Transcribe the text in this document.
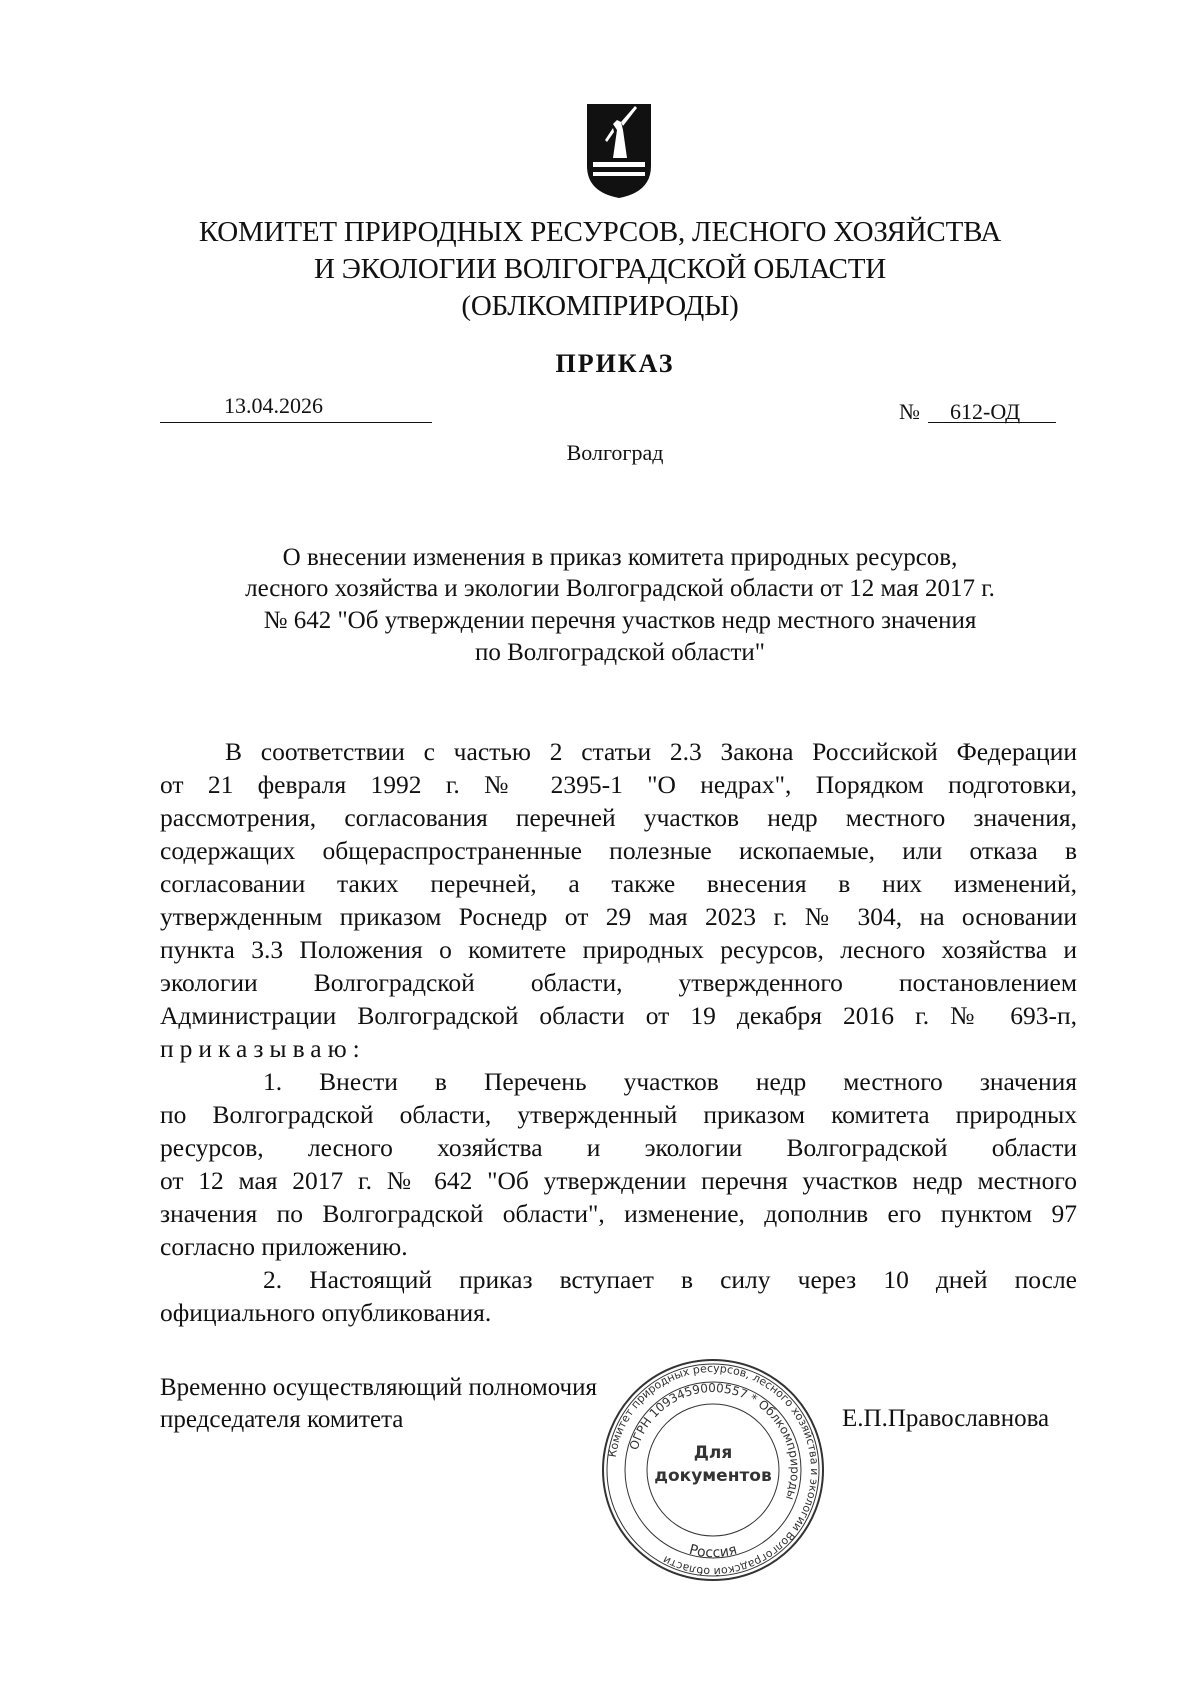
КОМИТЕТ ПРИРОДНЫХ РЕСУРСОВ, ЛЕСНОГО ХОЗЯЙСТВА
И ЭКОЛОГИИ ВОЛГОГРАДСКОЙ ОБЛАСТИ
(ОБЛКОМПРИРОДЫ)
ПРИКАЗ
13.04.2026	№ 612-ОД
Волгоград
О внесении изменения в приказ комитета природных ресурсов,
лесного хозяйства и экологии Волгоградской области от 12 мая 2017 г.
№ 642 "Об утверждении перечня участков недр местного значения
по Волгоградской области"
В соответствии с частью 2 статьи 2.3 Закона Российской Федерации
от 21 февраля 1992 г. № 2395-1 "О недрах", Порядком подготовки,
рассмотрения, согласования перечней участков недр местного значения,
содержащих общераспространенные полезные ископаемые, или отказа в
согласовании таких перечней, а также внесения в них изменений,
утвержденным приказом Роснедр от 29 мая 2023 г. № 304, на основании
пункта 3.3 Положения о комитете природных ресурсов, лесного хозяйства и
экологии Волгоградской области, утвержденного постановлением
Администрации Волгоградской области от 19 декабря 2016 г. № 693-п,
приказываю:
1. Внести в Перечень участков недр местного значения
по Волгоградской области, утвержденный приказом комитета природных
ресурсов, лесного хозяйства и экологии Волгоградской области
от 12 мая 2017 г. № 642 "Об утверждении перечня участков недр местного
значения по Волгоградской области", изменение, дополнив его пунктом 97
согласно приложению.
2. Настоящий приказ вступает в силу через 10 дней после
официального опубликования.
Временно осуществляющий полномочия
председателя комитета	Е.П.Православнова
Комитет природных ресурсов, лесного хозяйства и экологии Волгоградской области
ОГРН 1093459000557 * Облкомприроды
Россия
Для
документов
